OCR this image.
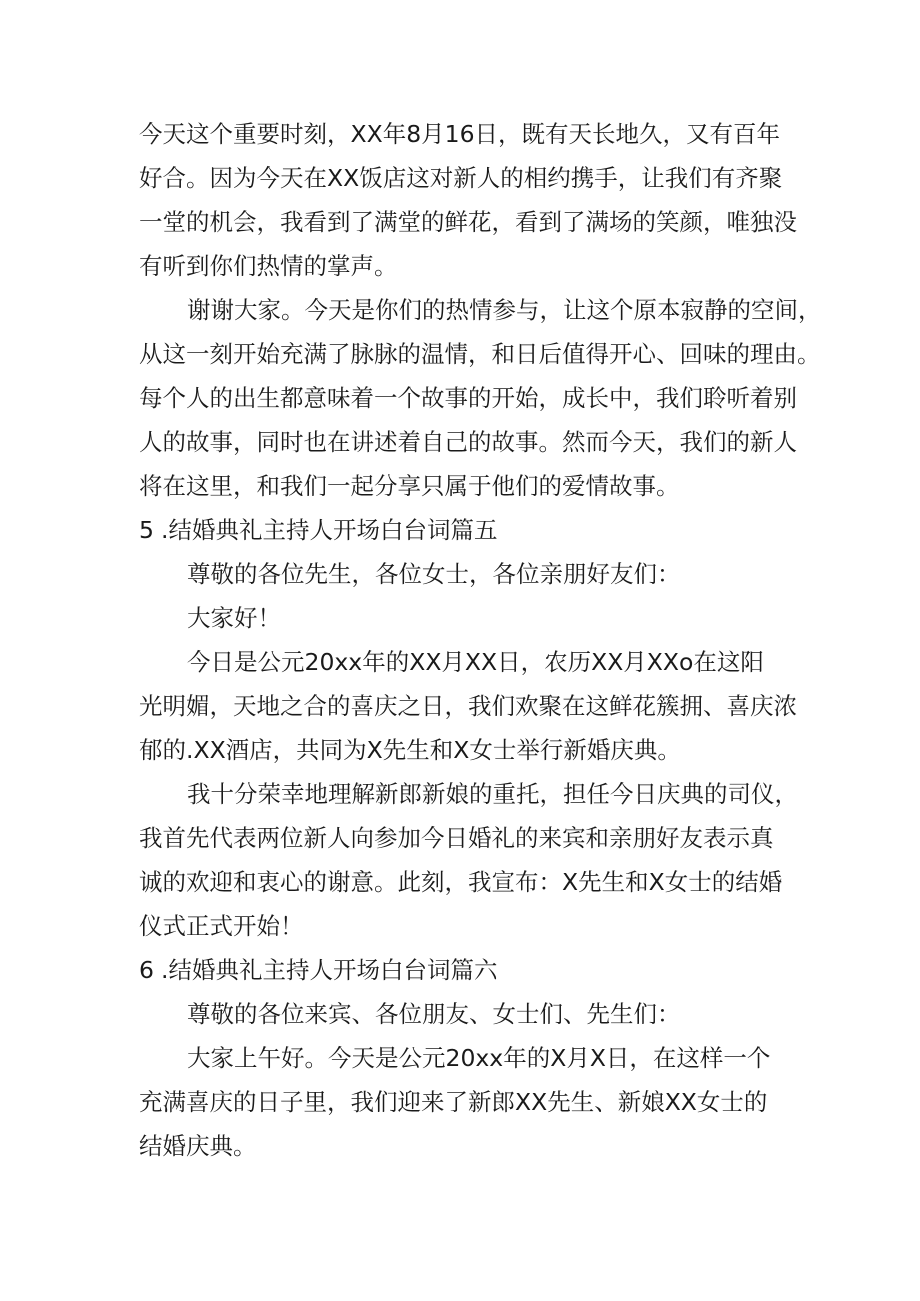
今天这个重要时刻，XX年8月16日，既有天长地久，又有百年
好合。因为今天在XX饭店这对新人的相约携手，让我们有齐聚
一堂的机会，我看到了满堂的鲜花，看到了满场的笑颜，唯独没
有听到你们热情的掌声。
谢谢大家。今天是你们的热情参与，让这个原本寂静的空间，
从这一刻开始充满了脉脉的温情，和日后值得开心、回味的理由。
每个人的出生都意味着一个故事的开始，成长中，我们聆听着别
人的故事，同时也在讲述着自己的故事。然而今天，我们的新人
将在这里，和我们一起分享只属于他们的爱情故事。
5 .结婚典礼主持人开场白台词篇五
尊敬的各位先生，各位女士，各位亲朋好友们：
大家好！
今日是公元20xx年的XX月XX日，农历XX月XXo在这阳
光明媚，天地之合的喜庆之日，我们欢聚在这鲜花簇拥、喜庆浓
郁的.XX酒店，共同为X先生和X女士举行新婚庆典。
我十分荣幸地理解新郎新娘的重托，担任今日庆典的司仪，
我首先代表两位新人向参加今日婚礼的来宾和亲朋好友表示真
诚的欢迎和衷心的谢意。此刻，我宣布：X先生和X女士的结婚
仪式正式开始！
6 .结婚典礼主持人开场白台词篇六
尊敬的各位来宾、各位朋友、女士们、先生们：
大家上午好。今天是公元20xx年的X月X日，在这样一个
充满喜庆的日子里，我们迎来了新郎XX先生、新娘XX女士的
结婚庆典。
